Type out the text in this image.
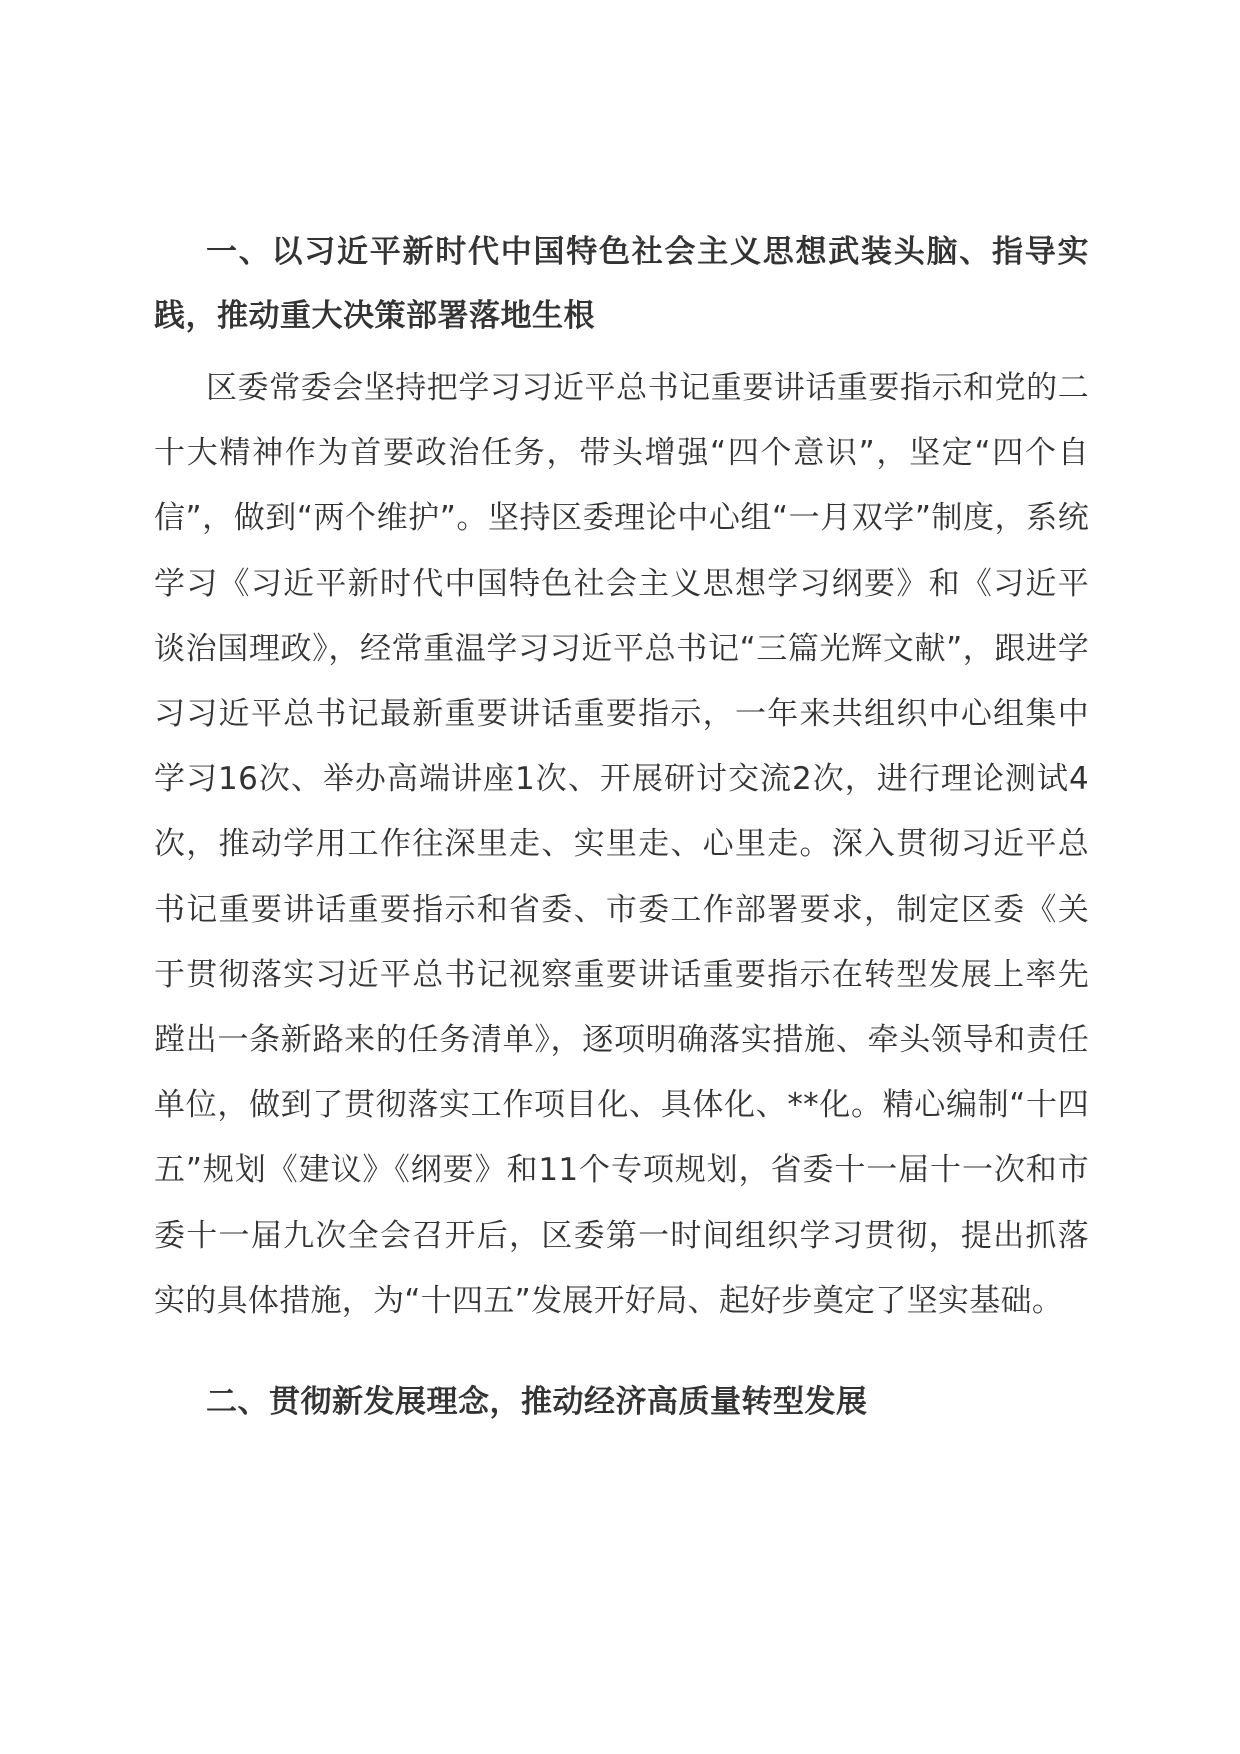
一、以习近平新时代中国特色社会主义思想武装头脑、指导实践，推动重大决策部署落地生根

区委常委会坚持把学习习近平总书记重要讲话重要指示和党的二十大精神作为首要政治任务，带头增强“四个意识”，坚定“四个自信”，做到“两个维护”。坚持区委理论中心组“一月双学”制度，系统学习《习近平新时代中国特色社会主义思想学习纲要》和《习近平谈治国理政》，经常重温学习习近平总书记“三篇光辉文献”，跟进学习习近平总书记最新重要讲话重要指示，一年来共组织中心组集中学习16次、举办高端讲座1次、开展研讨交流2次，进行理论测试4次，推动学用工作往深里走、实里走、心里走。深入贯彻习近平总书记重要讲话重要指示和省委、市委工作部署要求，制定区委《关于贯彻落实习近平总书记视察重要讲话重要指示在转型发展上率先蹚出一条新路来的任务清单》，逐项明确落实措施、牵头领导和责任单位，做到了贯彻落实工作项目化、具体化、**化。精心编制“十四五”规划《建议》《纲要》和11个专项规划，省委十一届十一次和市委十一届九次全会召开后，区委第一时间组织学习贯彻，提出抓落实的具体措施，为“十四五”发展开好局、起好步奠定了坚实基础。

二、贯彻新发展理念，推动经济高质量转型发展
